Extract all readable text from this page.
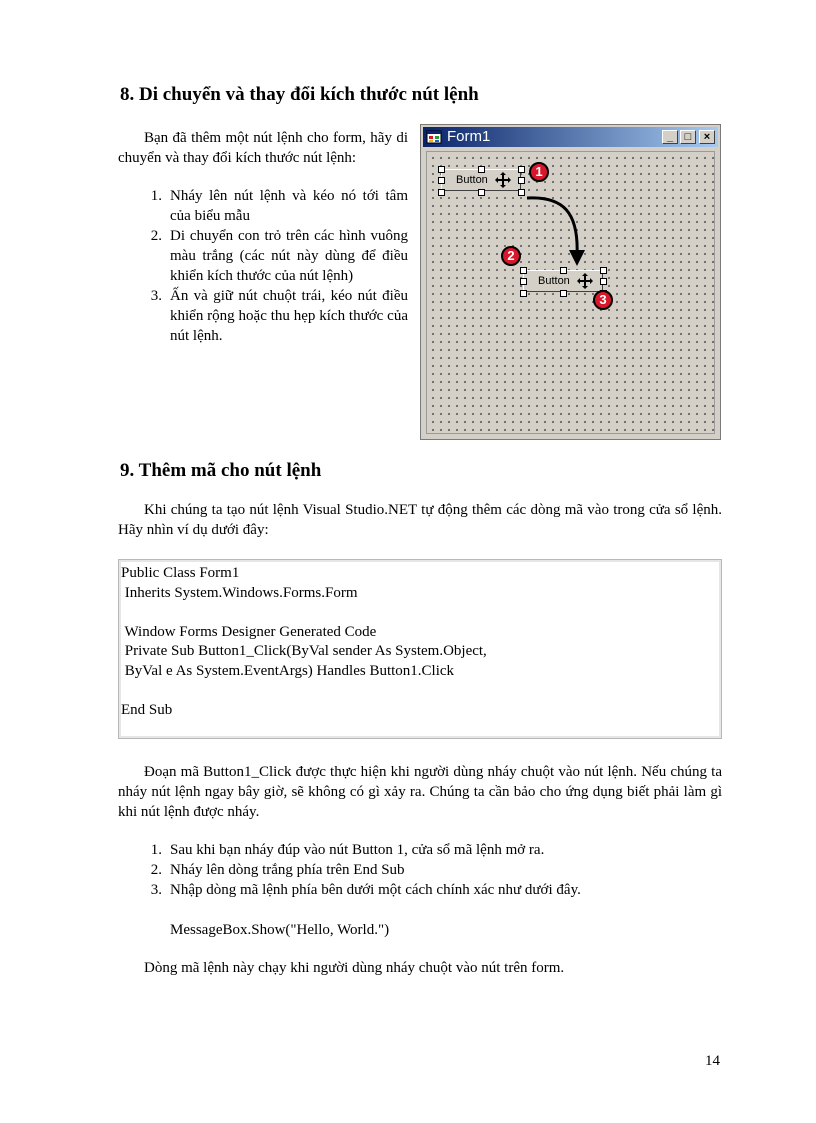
8. Di chuyển và thay đổi kích thước nút lệnh

Bạn đã thêm một nút lệnh cho form, hãy di chuyển và thay đổi kích thước nút lệnh:

1. Nháy lên nút lệnh và kéo nó tới tâm của biểu mẫu
2. Di chuyển con trỏ trên các hình vuông màu trắng (các nút này dùng để điều khiển kích thước của nút lệnh)
3. Ấn và giữ nút chuột trái, kéo nút điều khiển rộng hoặc thu hẹp kích thước của nút lệnh.
Form1	_	□	×
Button
1
Button
2
3
9. Thêm mã cho nút lệnh

Khi chúng ta tạo nút lệnh Visual Studio.NET tự động thêm các dòng mã vào trong cửa sổ lệnh. Hãy nhìn ví dụ dưới đây:

Public Class Form1
Inherits System.Windows.Forms.Form
Window Forms Designer Generated Code
Private Sub Button1_Click(ByVal sender As System.Object,
ByVal e As System.EventArgs) Handles Button1.Click
End Sub

Đoạn mã Button1_Click được thực hiện khi người dùng nháy chuột vào nút lệnh. Nếu chúng ta nháy nút lệnh ngay bây giờ, sẽ không có gì xảy ra. Chúng ta cần bảo cho ứng dụng biết phải làm gì khi nút lệnh được nháy.

1. Sau khi bạn nháy đúp vào nút Button 1, cửa sổ mã lệnh mở ra.
2. Nháy lên dòng trắng phía trên End Sub
3. Nhập dòng mã lệnh phía bên dưới một cách chính xác như dưới đây.

MessageBox.Show("Hello, World.")

Dòng mã lệnh này chạy khi người dùng nháy chuột vào nút trên form.

14
